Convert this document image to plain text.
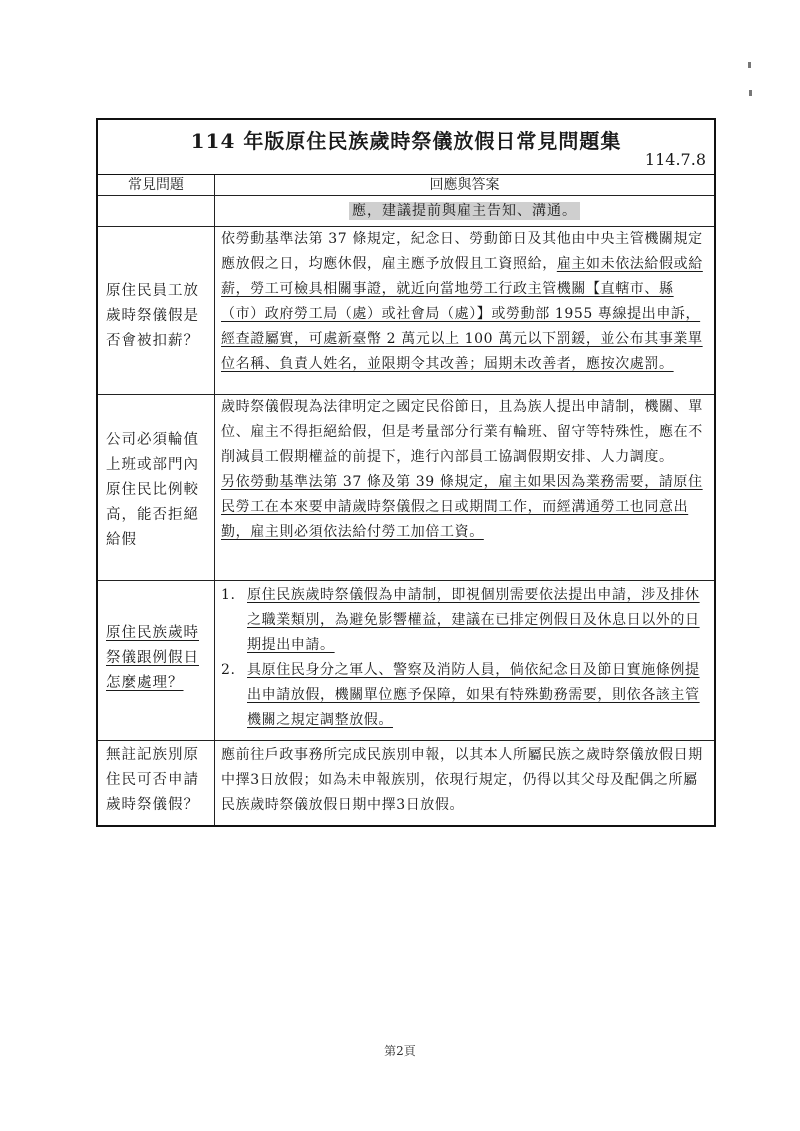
114 年版原住民族歲時祭儀放假日常見問題集
114.7.8
常見問題	回應與答案
	應，建議提前與雇主告知、溝通。
原住民員工放歲時祭儀假是否會被扣薪？	依勞動基準法第 37 條規定，紀念日、勞動節日及其他由中央主管機關規定應放假之日，均應休假，雇主應予放假且工資照給，雇主如未依法給假或給薪，勞工可檢具相關事證，就近向當地勞工行政主管機關【直轄市、縣（市）政府勞工局（處）或社會局（處）】或勞動部 1955 專線提出申訴，經查證屬實，可處新臺幣 2 萬元以上 100 萬元以下罰鍰，並公布其事業單位名稱、負責人姓名，並限期令其改善；屆期未改善者，應按次處罰。
公司必須輪值上班或部門內原住民比例較高，能否拒絕給假	歲時祭儀假現為法律明定之國定民俗節日，且為族人提出申請制，機關、單位、雇主不得拒絕給假，但是考量部分行業有輪班、留守等特殊性，應在不削減員工假期權益的前提下，進行內部員工協調假期安排、人力調度。
另依勞動基準法第 37 條及第 39 條規定，雇主如果因為業務需要，請原住民勞工在本來要申請歲時祭儀假之日或期間工作，而經溝通勞工也同意出勤，雇主則必須依法給付勞工加倍工資。
原住民族歲時祭儀跟例假日怎麼處理？	1. 原住民族歲時祭儀假為申請制，即視個別需要依法提出申請，涉及排休之職業類別，為避免影響權益，建議在已排定例假日及休息日以外的日期提出申請。
2. 具原住民身分之軍人、警察及消防人員，倘依紀念日及節日實施條例提出申請放假，機關單位應予保障，如果有特殊勤務需要，則依各該主管機關之規定調整放假。

無註記族別原住民可否申請歲時祭儀假？	應前往戶政事務所完成民族別申報，以其本人所屬民族之歲時祭儀放假日期中擇3日放假；如為未申報族別，依現行規定，仍得以其父母及配偶之所屬民族歲時祭儀放假日期中擇3日放假。
第2頁
